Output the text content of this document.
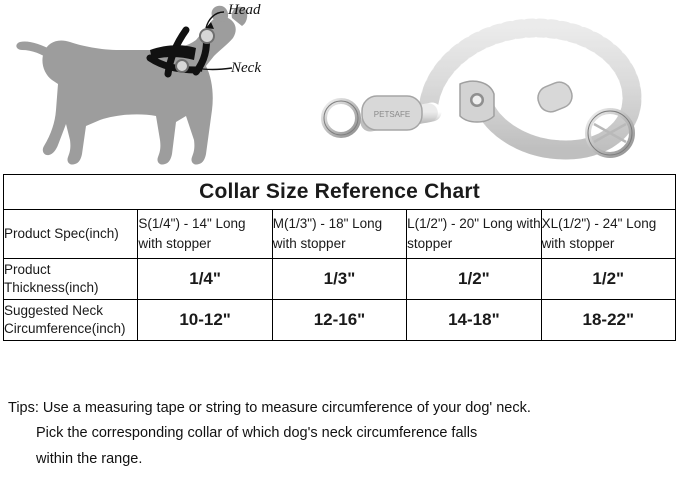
Head
Neck
PETSAFE
Collar Size Reference Chart				
Product Spec(inch)	S(1/4") - 14" Long with stopper	M(1/3") - 18" Long with stopper	L(1/2") - 20" Long with stopper	XL(1/2") - 24" Long with stopper
Product Thickness(inch)	1/4"	1/3"	1/2"	1/2"
Suggested Neck Circumference(inch)	10-12"	12-16"	14-18"	18-22"
Tips: Use a measuring tape or string to measure circumference of your dog' neck.
Pick the corresponding collar of which dog's neck circumference falls
within the range.
